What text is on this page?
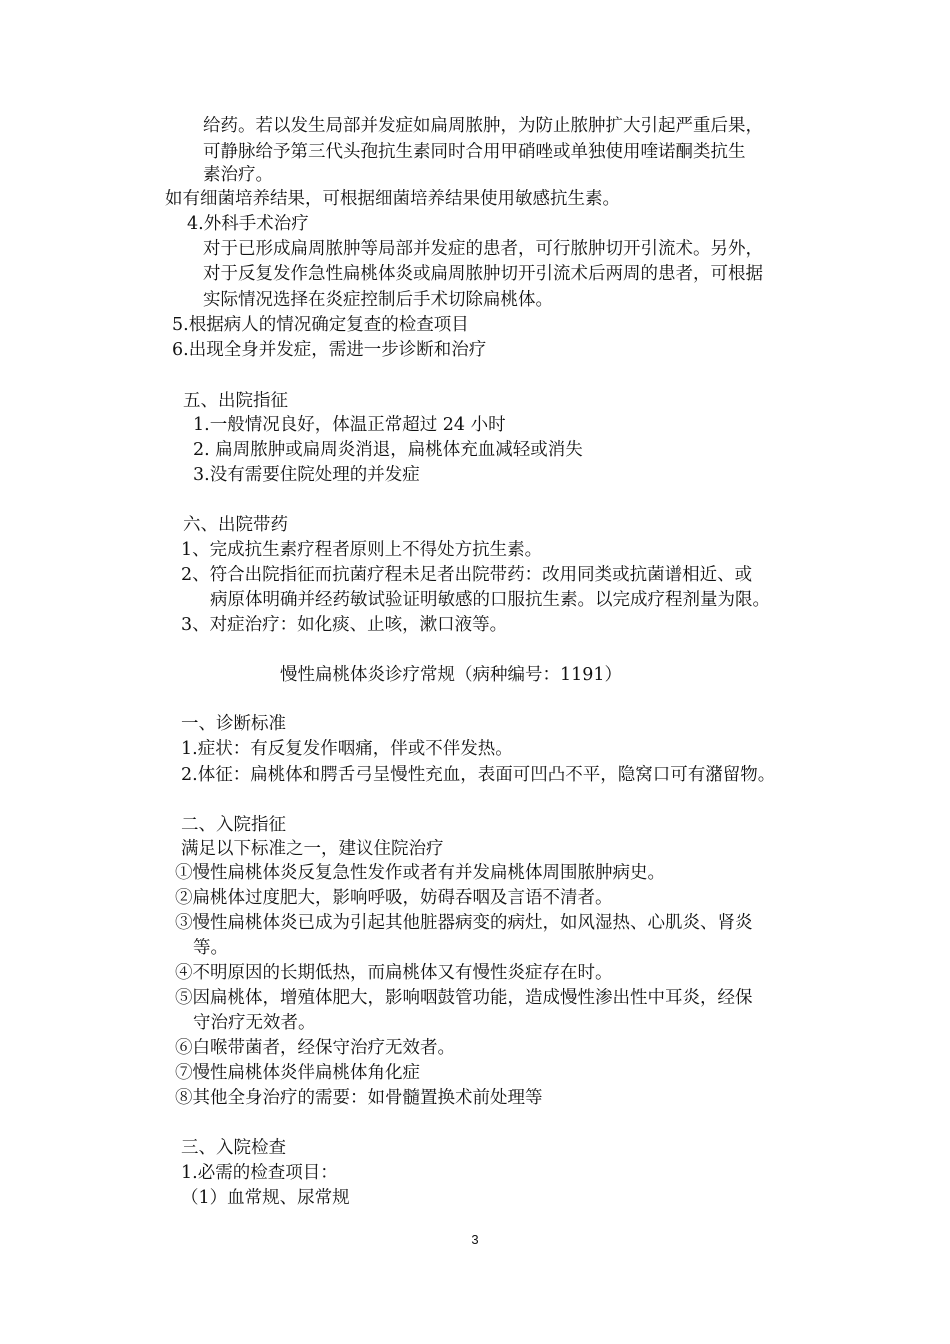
给药。若以发生局部并发症如扁周脓肿，为防止脓肿扩大引起严重后果，
可静脉给予第三代头孢抗生素同时合用甲硝唑或单独使用喹诺酮类抗生
素治疗。
如有细菌培养结果，可根据细菌培养结果使用敏感抗生素。
4.外科手术治疗
对于已形成扁周脓肿等局部并发症的患者，可行脓肿切开引流术。另外，
对于反复发作急性扁桃体炎或扁周脓肿切开引流术后两周的患者，可根据
实际情况选择在炎症控制后手术切除扁桃体。
5.根据病人的情况确定复查的检查项目
6.出现全身并发症，需进一步诊断和治疗
五、出院指征
1.一般情况良好，体温正常超过 24 小时
2. 扁周脓肿或扁周炎消退，扁桃体充血减轻或消失
3.没有需要住院处理的并发症
六、出院带药
1、完成抗生素疗程者原则上不得处方抗生素。
2、符合出院指征而抗菌疗程未足者出院带药：改用同类或抗菌谱相近、或
病原体明确并经药敏试验证明敏感的口服抗生素。以完成疗程剂量为限。
3、对症治疗：如化痰、止咳，漱口液等。
慢性扁桃体炎诊疗常规（病种编号：1191）
一、诊断标准
1.症状：有反复发作咽痛，伴或不伴发热。
2.体征：扁桃体和腭舌弓呈慢性充血，表面可凹凸不平，隐窝口可有潴留物。
二、入院指征
满足以下标准之一，建议住院治疗
①慢性扁桃体炎反复急性发作或者有并发扁桃体周围脓肿病史。
②扁桃体过度肥大，影响呼吸，妨碍吞咽及言语不清者。
③慢性扁桃体炎已成为引起其他脏器病变的病灶，如风湿热、心肌炎、肾炎
等。
④不明原因的长期低热，而扁桃体又有慢性炎症存在时。
⑤因扁桃体，增殖体肥大，影响咽鼓管功能，造成慢性渗出性中耳炎，经保
守治疗无效者。
⑥白喉带菌者，经保守治疗无效者。
⑦慢性扁桃体炎伴扁桃体角化症
⑧其他全身治疗的需要：如骨髓置换术前处理等
三、入院检查
1.必需的检查项目：
（1）血常规、尿常规
3
